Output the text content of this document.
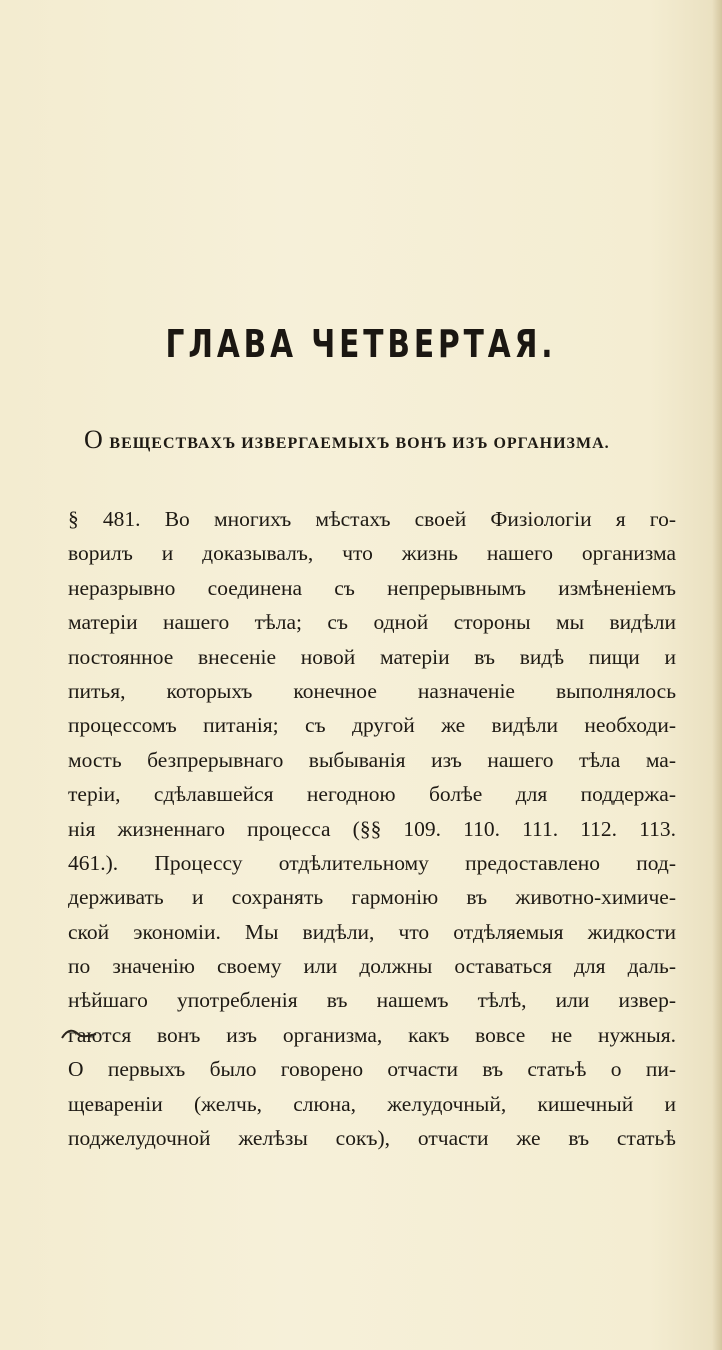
ГЛАВА ЧЕТВЕРТАЯ.
О ВЕЩЕСТВАХЪ ИЗВЕРГАЕМЫХЪ ВОНЪ ИЗЪ ОРГАНИЗМА.
§ 481. Во многихъ мѣстахъ своей Физiологiи я го-
ворилъ и доказывалъ, что жизнь нашего организма
неразрывно соединена съ непрерывнымъ измѣненiемъ
матерiи нашего тѣла; съ одной стороны мы видѣли
постоянное внесенiе новой матерiи въ видѣ пищи и
питья, которыхъ конечное назначенiе выполнялось
процессомъ питанiя; съ другой же видѣли необходи-
мость безпрерывнаго выбыванiя изъ нашего тѣла ма-
терiи, сдѣлавшейся негодною болѣе для поддержа-
нiя жизненнаго процесса (§§ 109. 110. 111. 112. 113.
461.). Процессу отдѣлительному предоставлено под-
держивать и сохранять гармонiю въ животно-химиче-
ской экономiи. Мы видѣли, что отдѣляемыя жидкости
по значенiю своему или должны оставаться для даль-
нѣйшаго употребленiя въ нашемъ тѣлѣ, или извер-
гаются вонъ изъ организма, какъ вовсе не нужныя.
О первыхъ было говорено отчасти въ статьѣ о пи-
щеваренiи (желчь, слюна, желудочный, кишечный и
поджелудочной желѣзы сокъ), отчасти же въ статьѣ
